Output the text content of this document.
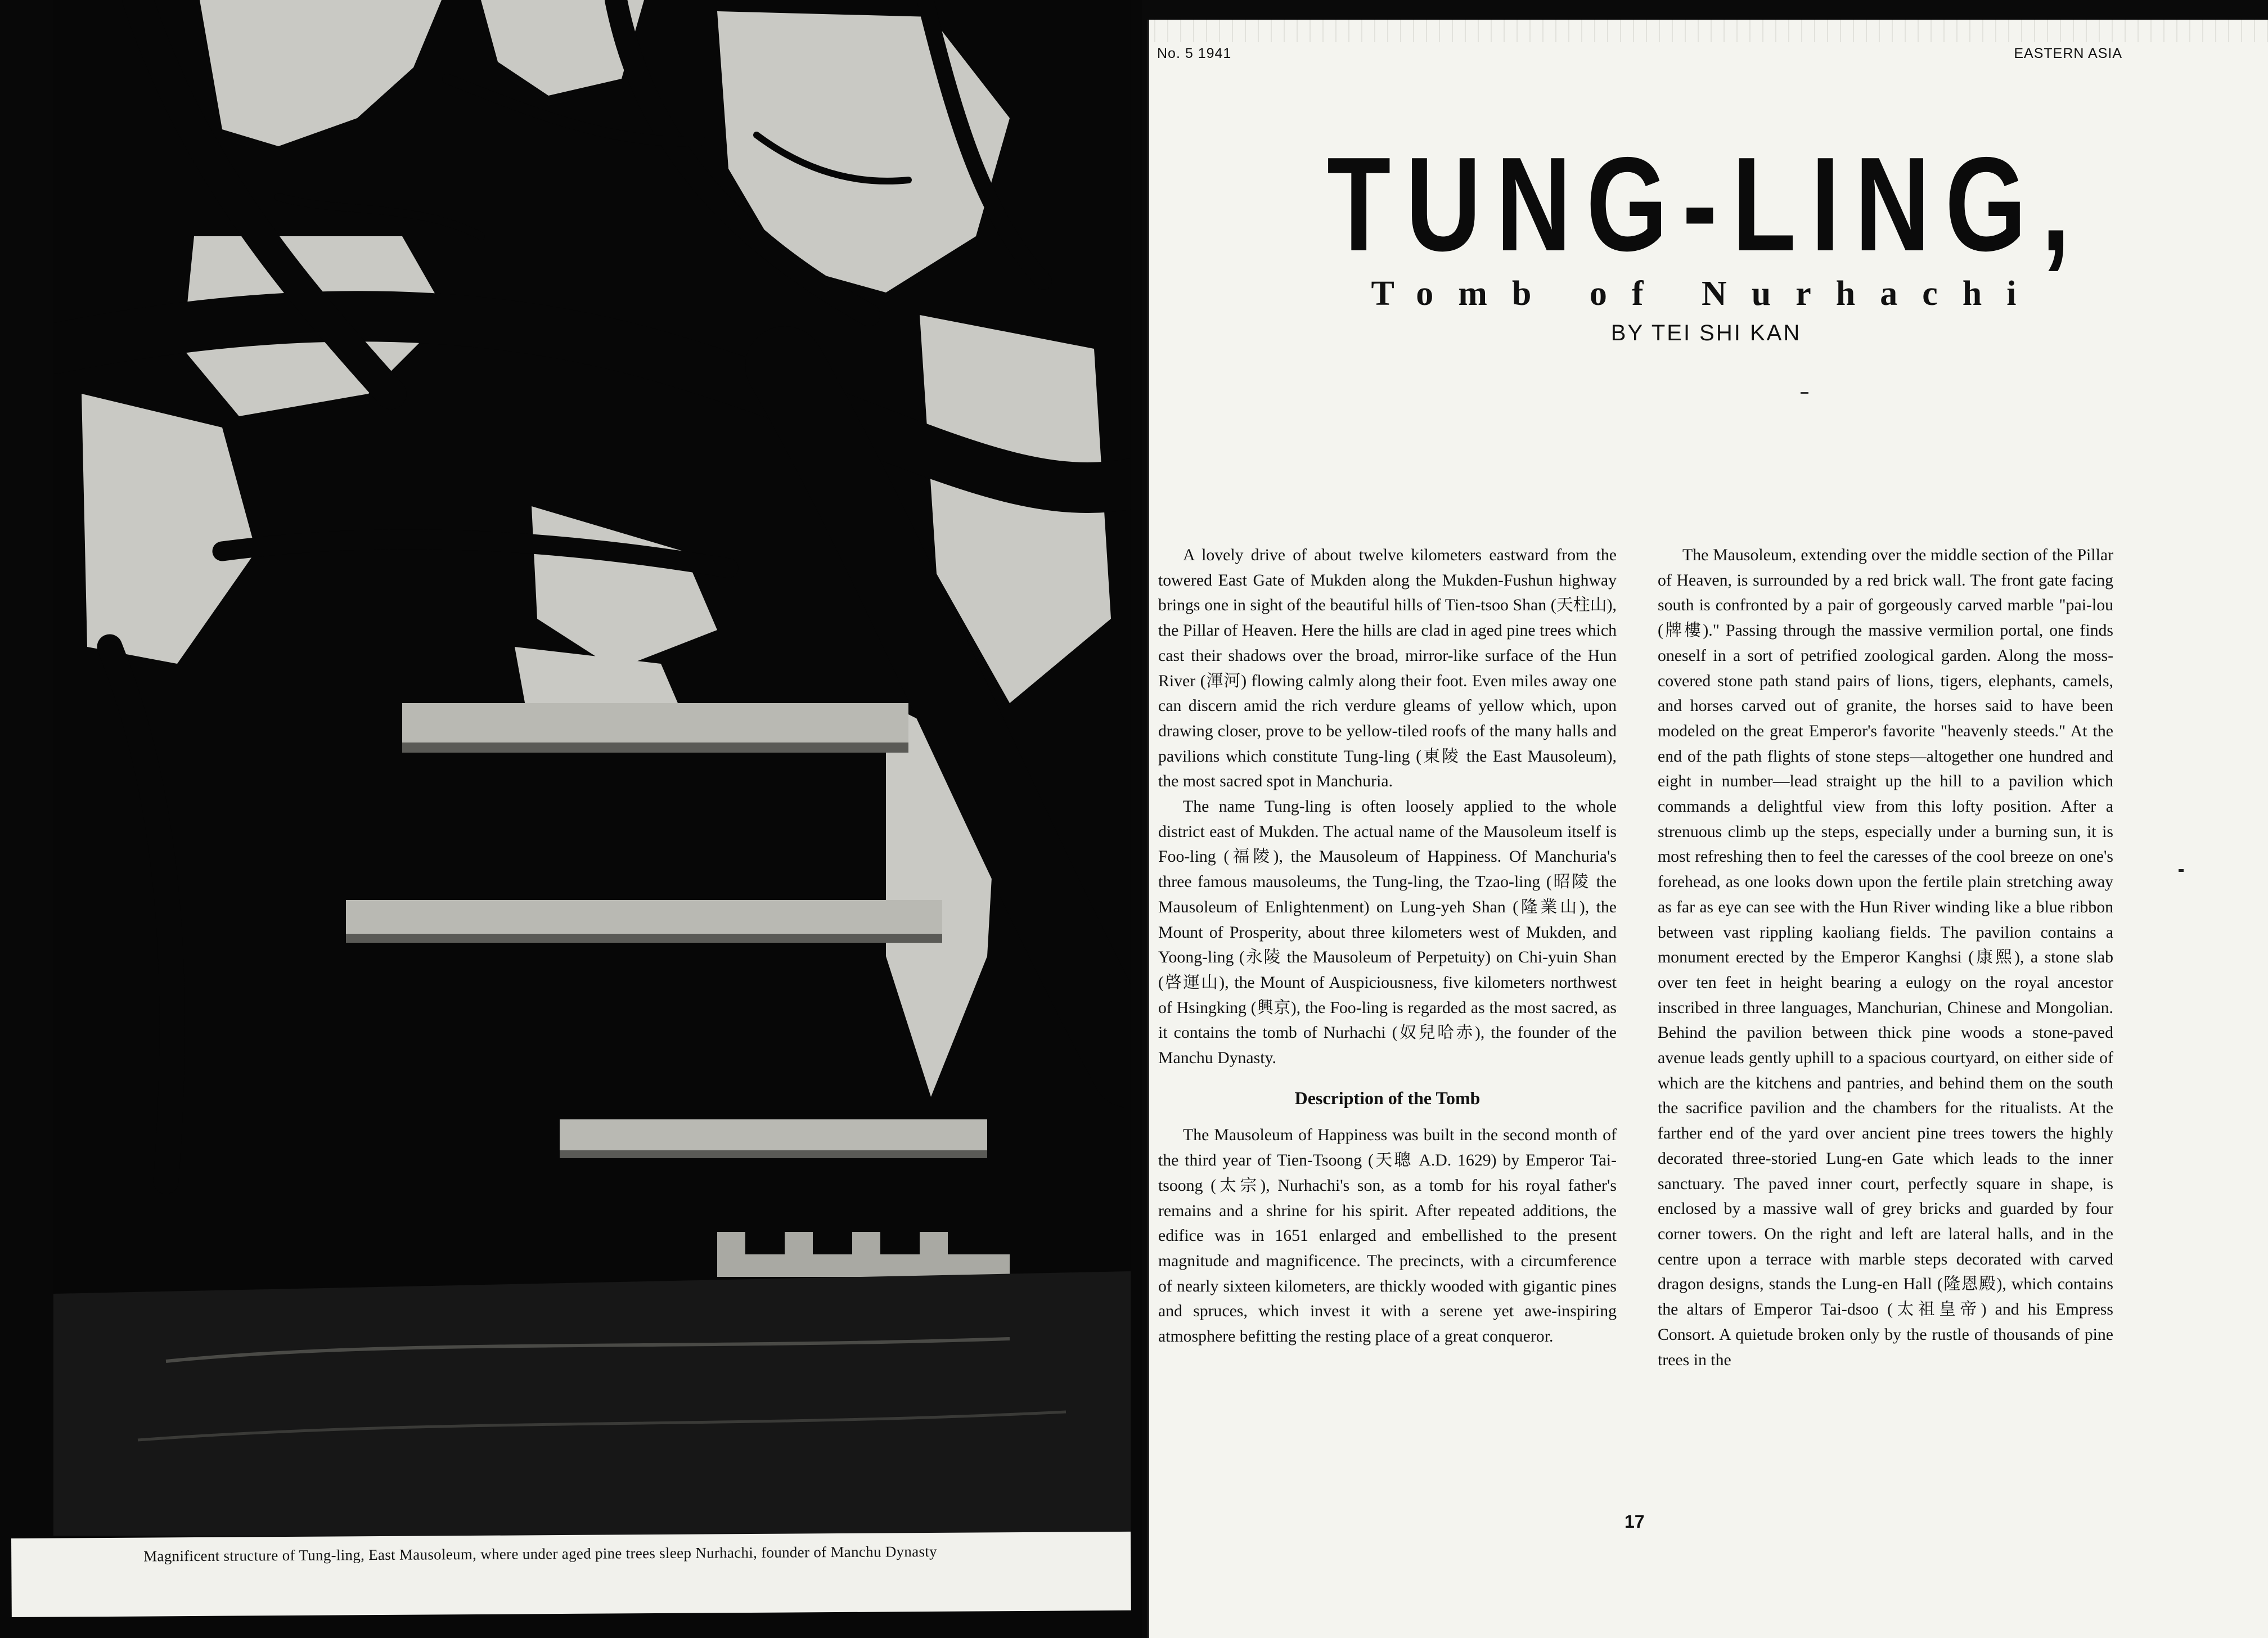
Magnificent structure of Tung-ling, East Mausoleum, where under aged pine trees sleep Nurhachi, founder of Manchu Dynasty
No. 5 1941	EASTERN ASIA
TUNG-LING,
Tomb of Nurhachi
BY TEI SHI KAN

A lovely drive of about twelve kilometers eastward from the towered East Gate of Mukden along the Mukden-Fushun highway brings one in sight of the beautiful hills of Tien-tsoo Shan (天柱山), the Pillar of Heaven. Here the hills are clad in aged pine trees which cast their shadows over the broad, mirror-like surface of the Hun River (渾河) flowing calmly along their foot. Even miles away one can discern amid the rich verdure gleams of yellow which, upon drawing closer, prove to be yellow-tiled roofs of the many halls and pavilions which constitute Tung-ling (東陵 the East Mausoleum), the most sacred spot in Manchuria.

The name Tung-ling is often loosely applied to the whole district east of Mukden. The actual name of the Mausoleum itself is Foo-ling (福陵), the Mausoleum of Happiness. Of Manchuria's three famous mausoleums, the Tung-ling, the Tzao-ling (昭陵 the Mausoleum of Enlightenment) on Lung-yeh Shan (隆業山), the Mount of Prosperity, about three kilometers west of Mukden, and Yoong-ling (永陵 the Mausoleum of Perpetuity) on Chi-yuin Shan (啓運山), the Mount of Auspiciousness, five kilometers northwest of Hsingking (興京), the Foo-ling is regarded as the most sacred, as it contains the tomb of Nurhachi (奴兒哈赤), the founder of the Manchu Dynasty.

Description of the Tomb

The Mausoleum of Happiness was built in the second month of the third year of Tien-Tsoong (天聰 A.D. 1629) by Emperor Tai-tsoong (太宗), Nurhachi's son, as a tomb for his royal father's remains and a shrine for his spirit. After repeated additions, the edifice was in 1651 enlarged and embellished to the present magnitude and magnificence. The precincts, with a circumference of nearly sixteen kilometers, are thickly wooded with gigantic pines and spruces, which invest it with a serene yet awe-inspiring atmosphere befitting the resting place of a great conqueror.

The Mausoleum, extending over the middle section of the Pillar of Heaven, is surrounded by a red brick wall. The front gate facing south is confronted by a pair of gorgeously carved marble "pai-lou (牌樓)." Passing through the massive vermilion portal, one finds oneself in a sort of petrified zoological garden. Along the moss-covered stone path stand pairs of lions, tigers, elephants, camels, and horses carved out of granite, the horses said to have been modeled on the great Emperor's favorite "heavenly steeds." At the end of the path flights of stone steps—altogether one hundred and eight in number—lead straight up the hill to a pavilion which commands a delightful view from this lofty position. After a strenuous climb up the steps, especially under a burning sun, it is most refreshing then to feel the caresses of the cool breeze on one's forehead, as one looks down upon the fertile plain stretching away as far as eye can see with the Hun River winding like a blue ribbon between vast rippling kaoliang fields. The pavilion contains a monument erected by the Emperor Kanghsi (康熙), a stone slab over ten feet in height bearing a eulogy on the royal ancestor inscribed in three languages, Manchurian, Chinese and Mongolian. Behind the pavilion between thick pine woods a stone-paved avenue leads gently uphill to a spacious courtyard, on either side of which are the kitchens and pantries, and behind them on the south the sacrifice pavilion and the chambers for the ritualists. At the farther end of the yard over ancient pine trees towers the highly decorated three-storied Lung-en Gate which leads to the inner sanctuary. The paved inner court, perfectly square in shape, is enclosed by a massive wall of grey bricks and guarded by four corner towers. On the right and left are lateral halls, and in the centre upon a terrace with marble steps decorated with carved dragon designs, stands the Lung-en Hall (隆恩殿), which contains the altars of Emperor Tai-dsoo (太祖皇帝) and his Empress Consort. A quietude broken only by the rustle of thousands of pine trees in the

17
